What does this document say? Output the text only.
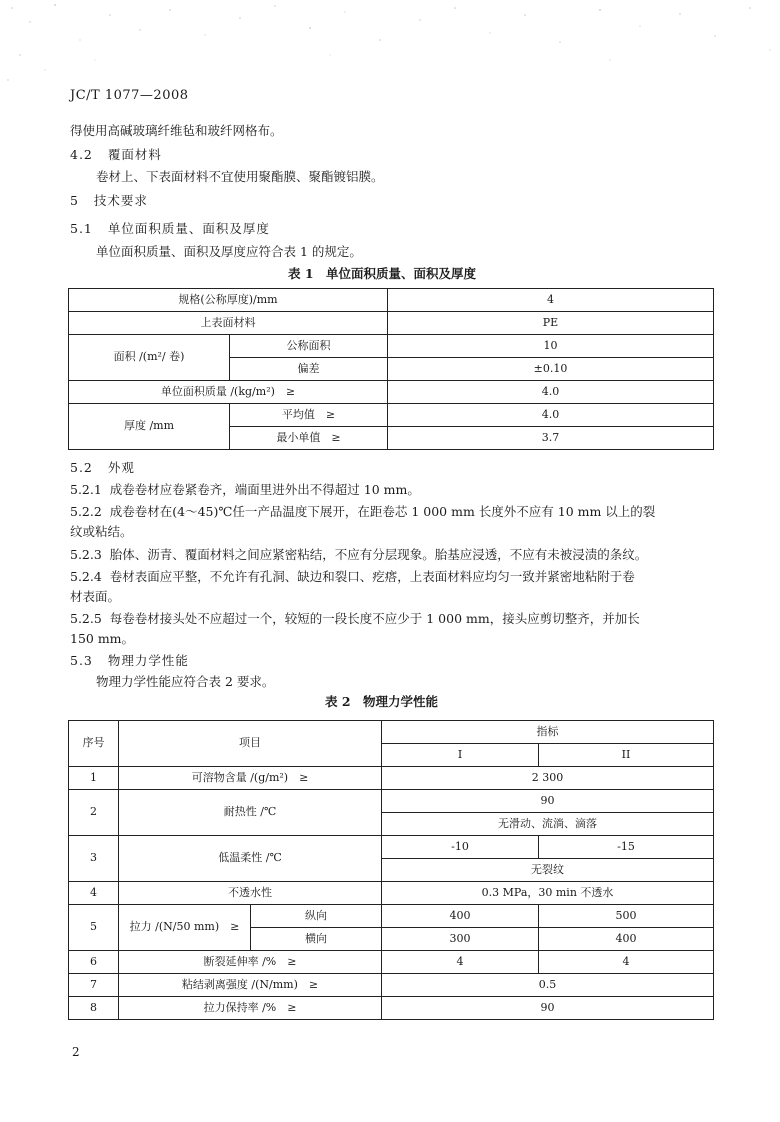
JC/T 1077—2008
得使用高碱玻璃纤维毡和玻纤网格布。
4.2 覆面材料
卷材上、下表面材料不宜使用聚酯膜、聚酯镀铝膜。
5 技术要求
5.1 单位面积质量、面积及厚度
单位面积质量、面积及厚度应符合表 1 的规定。
表 1　单位面积质量、面积及厚度
规格(公称厚度)/mm		4
上表面材料		PE
面积 /(m²/ 卷)	公称面积	10
	偏差	±0.10
单位面积质量 /(kg/m²)　≥		4.0
厚度 /mm	平均值　≥	4.0
	最小单值　≥	3.7
5.2 外观
5.2.1 成卷卷材应卷紧卷齐，端面里进外出不得超过 10 mm。
5.2.2 成卷卷材在(4～45)℃任一产品温度下展开，在距卷芯 1 000 mm 长度外不应有 10 mm 以上的裂
纹或粘结。
5.2.3 胎体、沥青、覆面材料之间应紧密粘结，不应有分层现象。胎基应浸透，不应有未被浸渍的条纹。
5.2.4 卷材表面应平整，不允许有孔洞、缺边和裂口、疙瘩，上表面材料应均匀一致并紧密地粘附于卷
材表面。
5.2.5 每卷卷材接头处不应超过一个，较短的一段长度不应少于 1 000 mm，接头应剪切整齐，并加长
150 mm。
5.3 物理力学性能
物理力学性能应符合表 2 要求。
表 2　物理力学性能
序号	项目		指标	
			I	II
1	可溶物含量 /(g/m²)　≥		2 300	
2	耐热性 /℃		90	
			无滑动、流淌、滴落	
3	低温柔性 /℃		-10	-15
			无裂纹	
4	不透水性		0.3 MPa，30 min 不透水	
5	拉力 /(N/50 mm)　≥	纵向	400	500
		横向	300	400
6	断裂延伸率 /%　≥		4	4
7	粘结剥离强度 /(N/mm)　≥		0.5	
8	拉力保持率 /%　≥		90	
2
